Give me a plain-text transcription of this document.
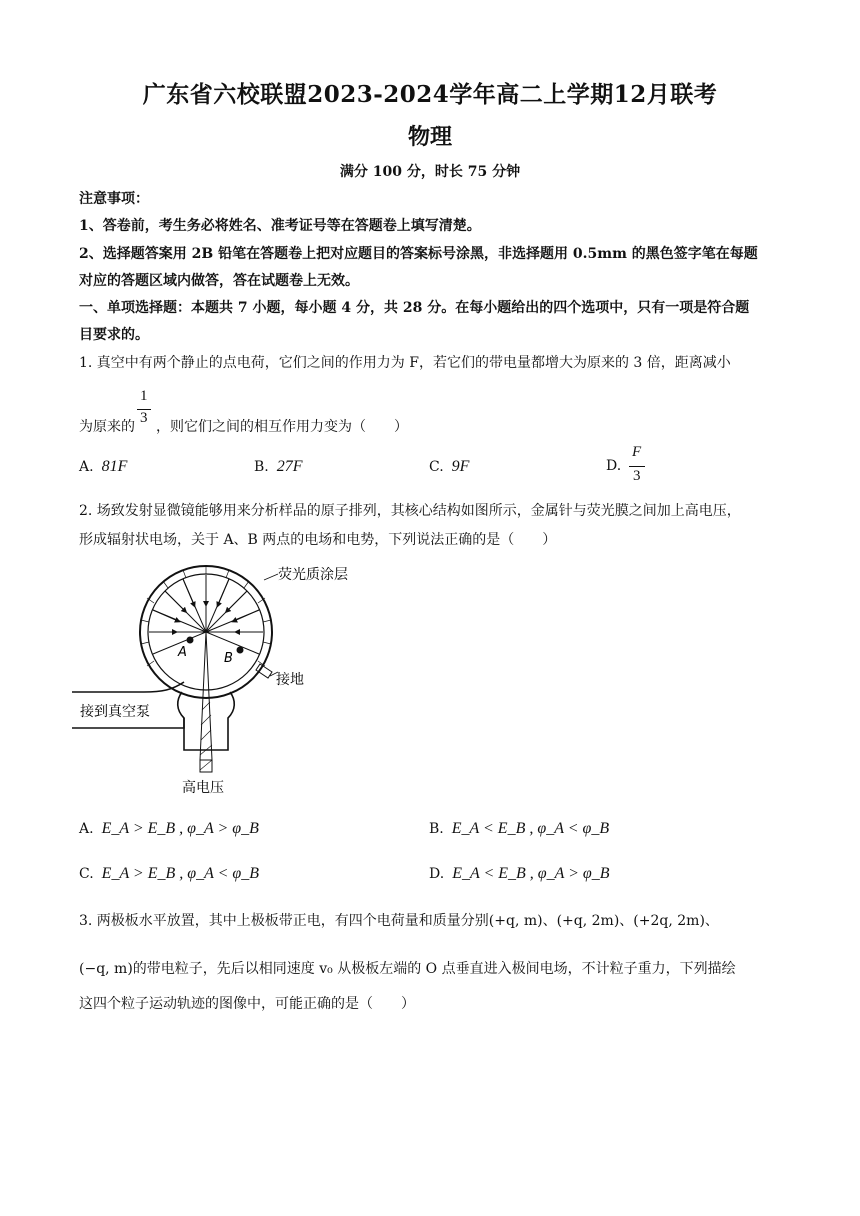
广东省六校联盟2023-2024学年高二上学期12月联考
物理
满分 100 分，时长 75 分钟
注意事项：
1、答卷前，考生务必将姓名、准考证号等在答题卷上填写清楚。
2、选择题答案用 2B 铅笔在答题卷上把对应题目的答案标号涂黑，非选择题用 0.5mm 的黑色签字笔在每题
对应的答题区域内做答，答在试题卷上无效。
一、单项选择题：本题共 7 小题，每小题 4 分，共 28 分。在每小题给出的四个选项中，只有一项是符合题
目要求的。
1. 真空中有两个静止的点电荷，它们之间的作用力为 F，若它们的带电量都增大为原来的 3 倍，距离减小
1
3
为原来的 ，则它们之间的相互作用力变为（　　）
A. 81F	B. 27F	C. 9F	D.
F
3
2. 场致发射显微镜能够用来分析样品的原子排列，其核心结构如图所示，金属针与荧光膜之间加上高电压，
形成辐射状电场，关于 A、B 两点的电场和电势，下列说法正确的是（　　）
A	B
荧光质涂层
接地
接到真空泵
高电压
A. E_A > E_B , φ_A > φ_B	B. E_A < E_B , φ_A < φ_B
C. E_A > E_B , φ_A < φ_B	D. E_A < E_B , φ_A > φ_B
3. 两极板水平放置，其中上极板带正电，有四个电荷量和质量分别(+q, m)、(+q, 2m)、(+2q, 2m)、
(−q, m)的带电粒子，先后以相同速度 v₀ 从极板左端的 O 点垂直进入极间电场，不计粒子重力，下列描绘
这四个粒子运动轨迹的图像中，可能正确的是（　　）
